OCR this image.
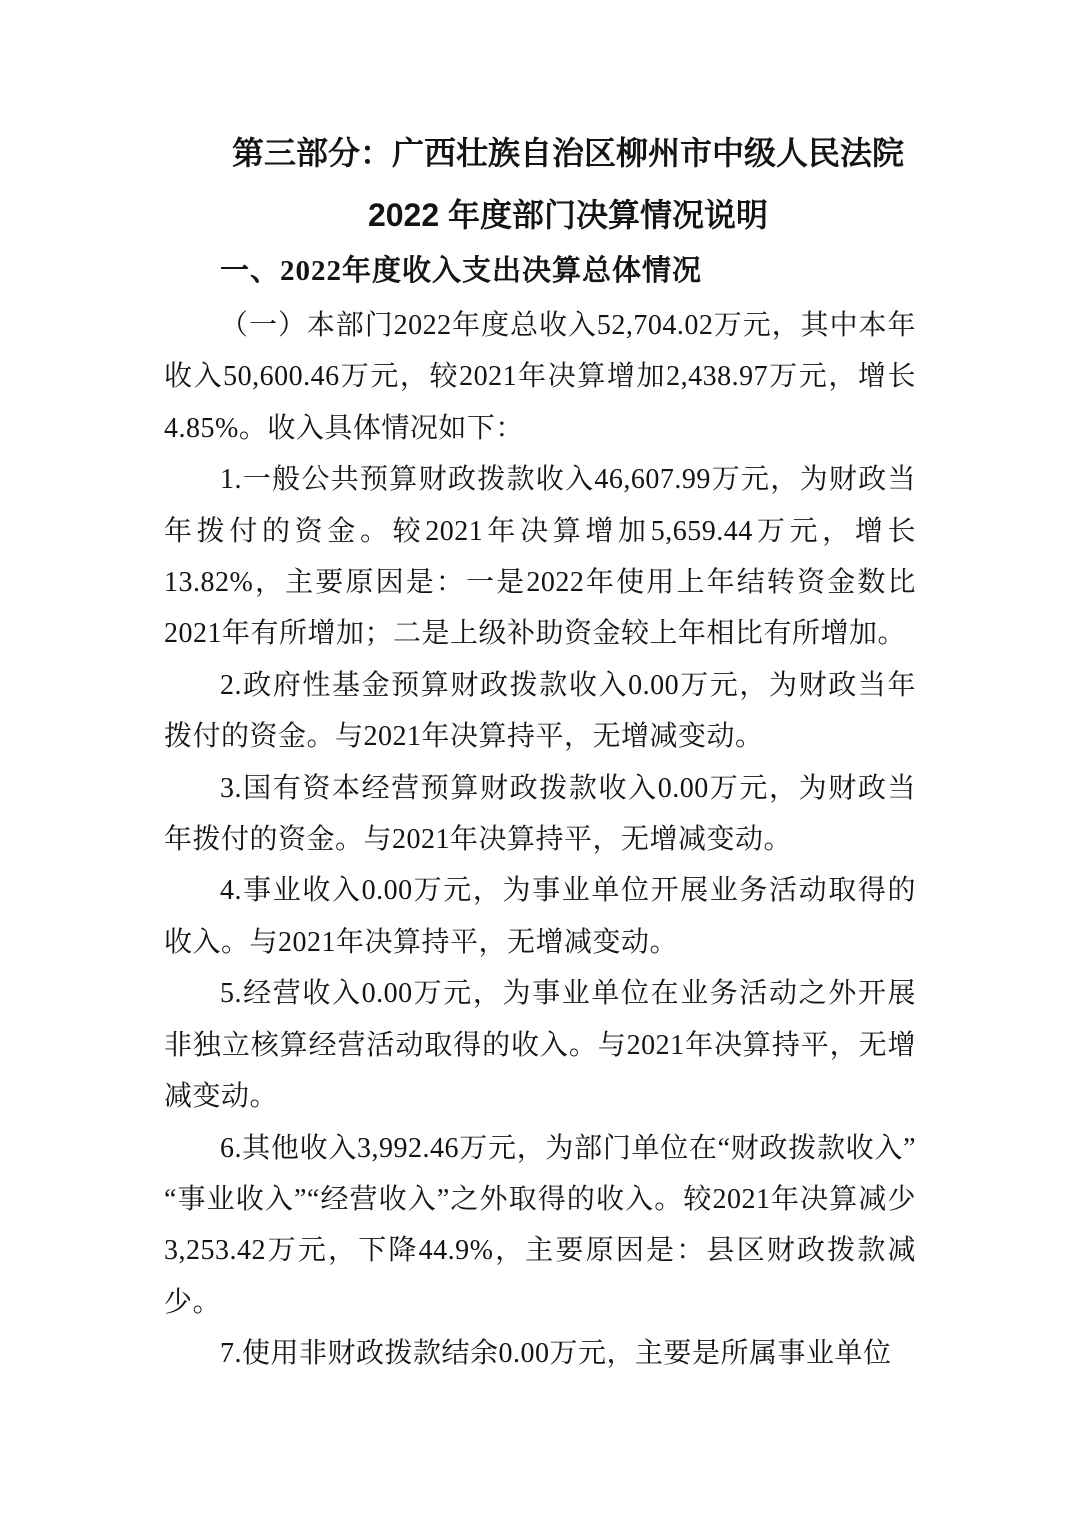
第三部分：广西壮族自治区柳州市中级人民法院
2022 年度部门决算情况说明
一、2022年度收入支出决算总体情况

（一）本部门2022年度总收入52,704.02万元，其中本年收入50,600.46万元，较2021年决算增加2,438.97万元，增长4.85%。收入具体情况如下：

1.一般公共预算财政拨款收入46,607.99万元，为财政当年拨付的资金。较2021年决算增加5,659.44万元，增长13.82%，主要原因是：一是2022年使用上年结转资金数比2021年有所增加；二是上级补助资金较上年相比有所增加。

2.政府性基金预算财政拨款收入0.00万元，为财政当年拨付的资金。与2021年决算持平，无增减变动。

3.国有资本经营预算财政拨款收入0.00万元，为财政当年拨付的资金。与2021年决算持平，无增减变动。

4.事业收入0.00万元，为事业单位开展业务活动取得的收入。与2021年决算持平，无增减变动。

5.经营收入0.00万元，为事业单位在业务活动之外开展非独立核算经营活动取得的收入。与2021年决算持平，无增减变动。

6.其他收入3,992.46万元，为部门单位在“财政拨款收入”“事业收入”“经营收入”之外取得的收入。较2021年决算减少3,253.42万元，下降44.9%，主要原因是：县区财政拨款减少。

7.使用非财政拨款结余0.00万元，主要是所属事业单位
